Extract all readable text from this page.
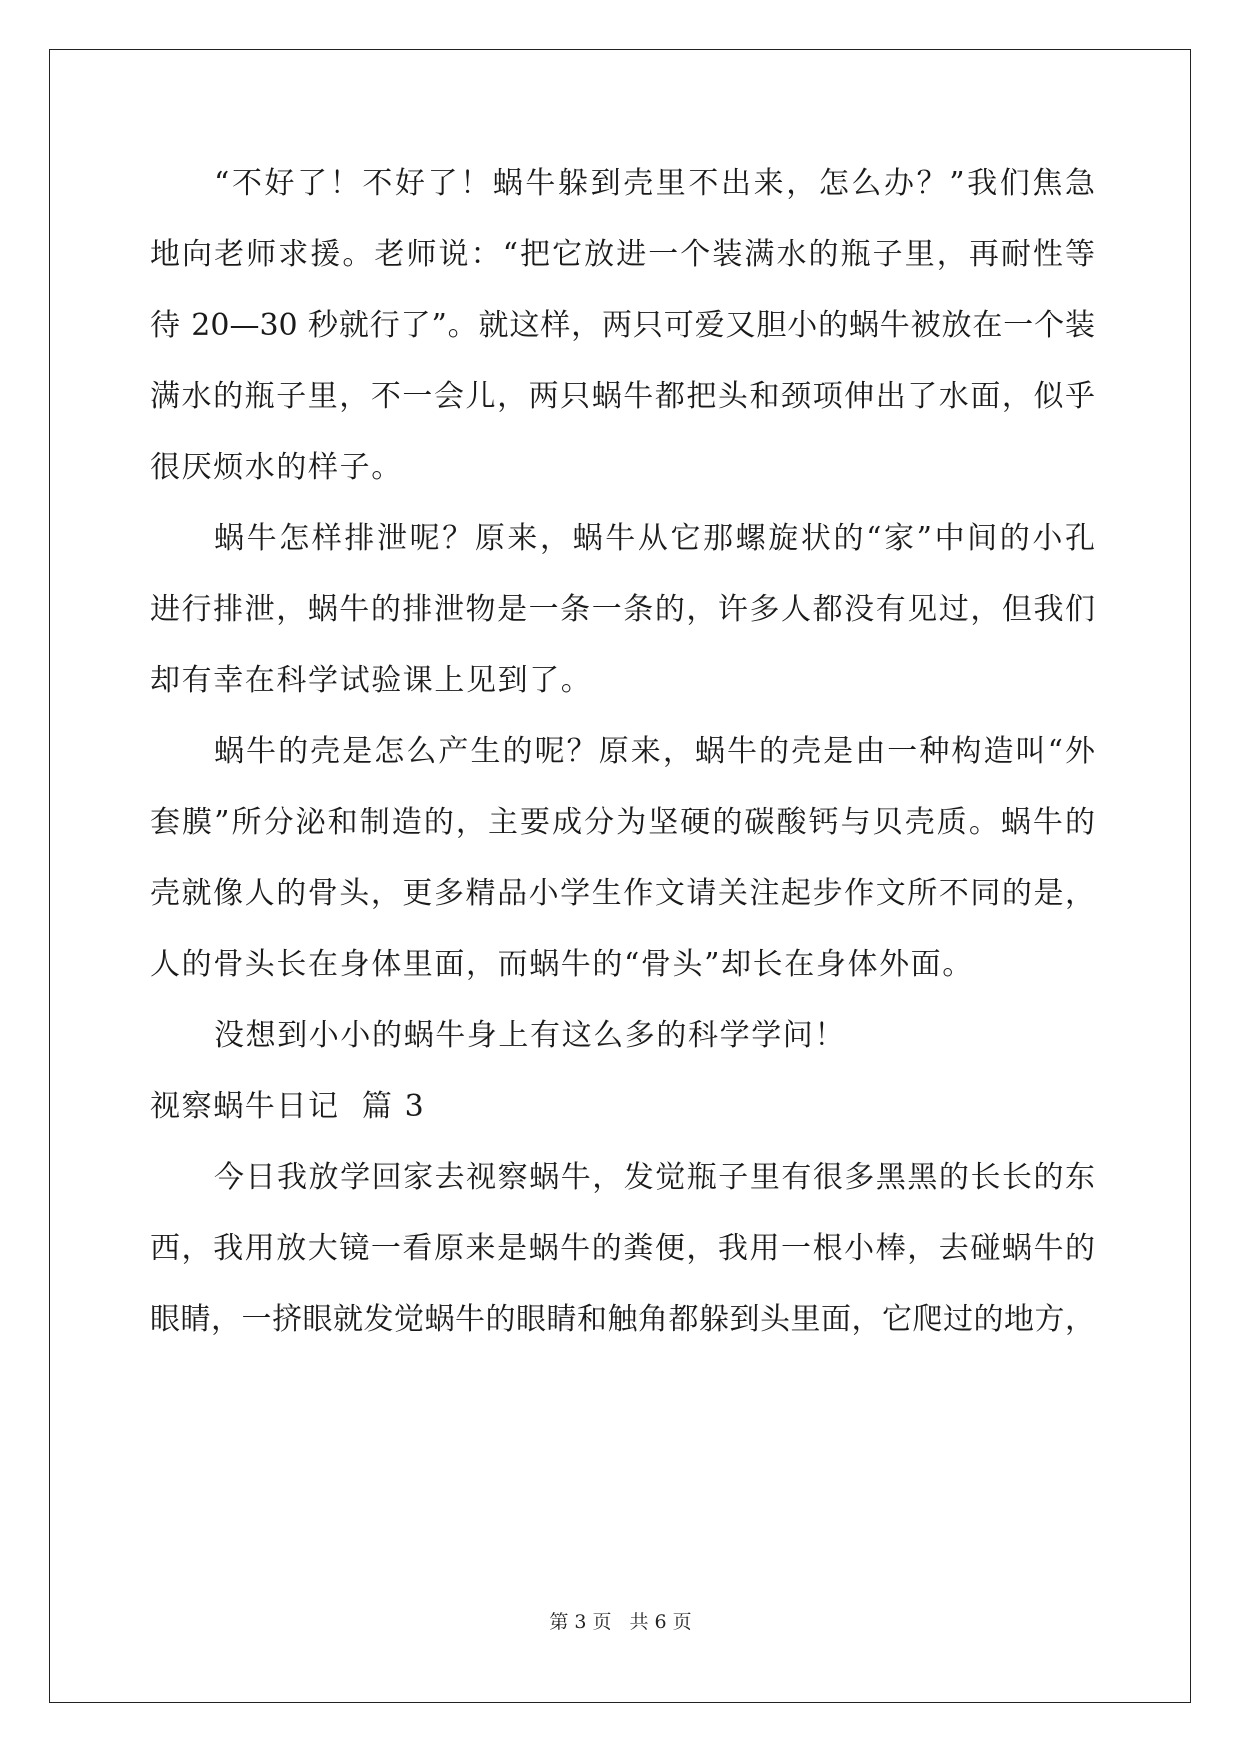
“不好了！不好了！蜗牛躲到壳里不出来，怎么办？”我们焦急
地向老师求援。老师说：“把它放进一个装满水的瓶子里，再耐性等
待 20—30 秒就行了”。就这样，两只可爱又胆小的蜗牛被放在一个装
满水的瓶子里，不一会儿，两只蜗牛都把头和颈项伸出了水面，似乎
很厌烦水的样子。
蜗牛怎样排泄呢？原来，蜗牛从它那螺旋状的“家”中间的小孔
进行排泄，蜗牛的排泄物是一条一条的，许多人都没有见过，但我们
却有幸在科学试验课上见到了。
蜗牛的壳是怎么产生的呢？原来，蜗牛的壳是由一种构造叫“外
套膜”所分泌和制造的，主要成分为坚硬的碳酸钙与贝壳质。蜗牛的
壳就像人的骨头，更多精品小学生作文请关注起步作文所不同的是，
人的骨头长在身体里面，而蜗牛的“骨头”却长在身体外面。
没想到小小的蜗牛身上有这么多的科学学问！
视察蜗牛日记  篇 3
今日我放学回家去视察蜗牛，发觉瓶子里有很多黑黑的长长的东
西，我用放大镜一看原来是蜗牛的粪便，我用一根小棒，去碰蜗牛的
眼睛，一挤眼就发觉蜗牛的眼睛和触角都躲到头里面，它爬过的地方，
第 3 页 共 6 页
